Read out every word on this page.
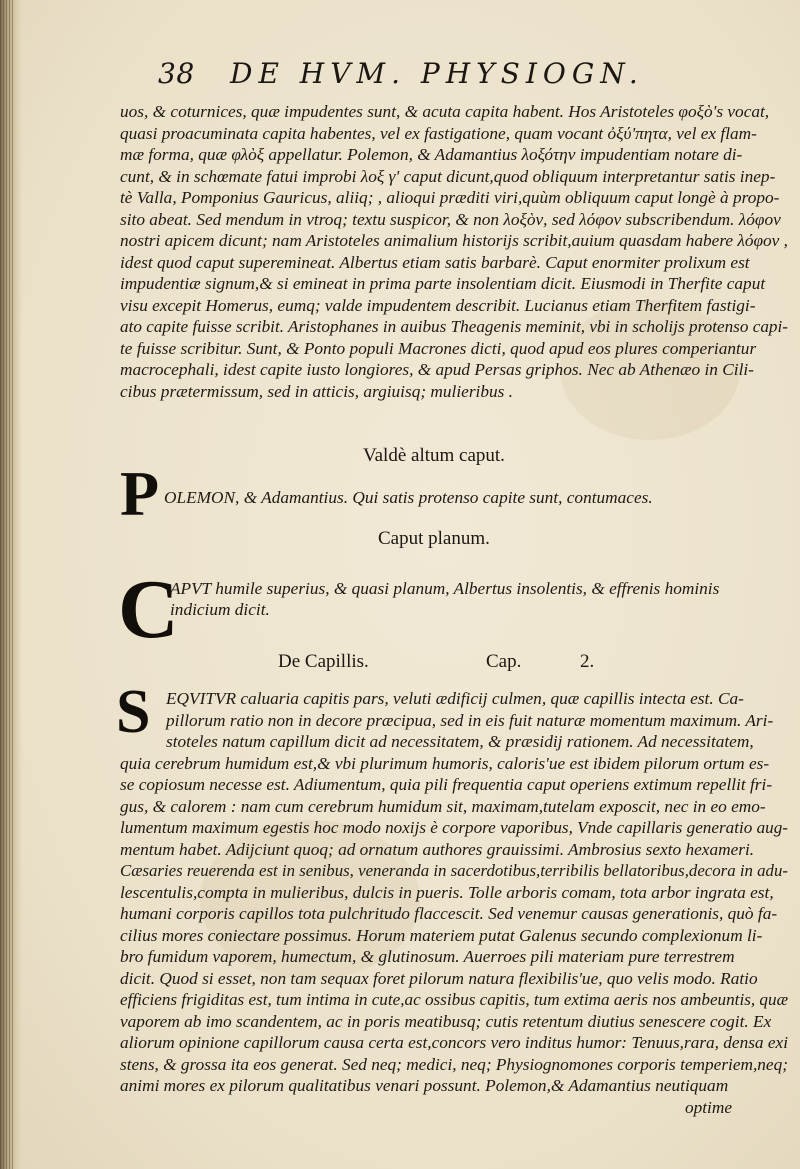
38 DE HVM. PHYSIOGN.
uos, & coturnices, quæ impudentes sunt, & acuta capita habent. Hos Aristoteles φοξὸ's vocat,
quasi proacuminata capita habentes, vel ex fastigatione, quam vocant ὀξύ'πητα, vel ex flam-
mæ forma, quæ φλὸξ appellatur. Polemon, & Adamantius λοξότην impudentiam notare di-
cunt, & in schœmate fatui improbi λοξ γ' caput dicunt,quod obliquum interpretantur satis inep-
tè Valla, Pomponius Gauricus, aliiq; , alioqui præditi viri,quùm obliquum caput longè à propo-
sito abeat. Sed mendum in vtroq; textu suspicor, & non λοξὸν, sed λόφον subscribendum. λόφον
nostri apicem dicunt; nam Aristoteles animalium historijs scribit,auium quasdam habere λόφον ,
idest quod caput superemineat. Albertus etiam satis barbarè. Caput enormiter prolixum est
impudentiæ signum,& si emineat in prima parte insolentiam dicit. Eiusmodi in Therfite caput
visu excepit Homerus, eumq; valde impudentem describit. Lucianus etiam Therfitem fastigi-
ato capite fuisse scribit. Aristophanes in auibus Theagenis meminit, vbi in scholijs protenso capi-
te fuisse scribitur. Sunt, & Ponto populi Macrones dicti, quod apud eos plures comperiantur
macrocephali, idest capite iusto longiores, & apud Persas griphos. Nec ab Athenæo in Cili-
cibus prætermissum, sed in atticis, argiuisq; mulieribus .
Valdè altum caput.
P OLEMON, & Adamantius. Qui satis protenso capite sunt, contumaces.
Caput planum.
C
APVT humile superius, & quasi planum, Albertus insolentis, & effrenis hominis
indicium dicit.
De Capillis.	Cap.	2.
S EQVITVR caluaria capitis pars, veluti ædificij culmen, quæ capillis intecta est. Ca-
pillorum ratio non in decore præcipua, sed in eis fuit naturæ momentum maximum. Ari-
stoteles natum capillum dicit ad necessitatem, & præsidij rationem. Ad necessitatem,
quia cerebrum humidum est,& vbi plurimum humoris, caloris'ue est ibidem pilorum ortum es-
se copiosum necesse est. Adiumentum, quia pili frequentia caput operiens extimum repellit fri-
gus, & calorem : nam cum cerebrum humidum sit, maximam,tutelam exposcit, nec in eo emo-
lumentum maximum egestis hoc modo noxijs è corpore vaporibus, Vnde capillaris generatio aug-
mentum habet. Adijciunt quoq; ad ornatum authores grauissimi. Ambrosius sexto hexameri.
Cæsaries reuerenda est in senibus, veneranda in sacerdotibus,terribilis bellatoribus,decora in adu-
lescentulis,compta in mulieribus, dulcis in pueris. Tolle arboris comam, tota arbor ingrata est,
humani corporis capillos tota pulchritudo flaccescit. Sed venemur causas generationis, quò fa-
cilius mores coniectare possimus. Horum materiem putat Galenus secundo complexionum li-
bro fumidum vaporem, humectum, & glutinosum. Auerroes pili materiam pure terrestrem
dicit. Quod si esset, non tam sequax foret pilorum natura flexibilis'ue, quo velis modo. Ratio
efficiens frigiditas est, tum intima in cute,ac ossibus capitis, tum extima aeris nos ambeuntis, quæ
vaporem ab imo scandentem, ac in poris meatibusq; cutis retentum diutius senescere cogit. Ex
aliorum opinione capillorum causa certa est,concors vero inditus humor: Tenuus,rara, densa exi
stens, & grossa ita eos generat. Sed neq; medici, neq; Physiognomones corporis temperiem,neq;
animi mores ex pilorum qualitatibus venari possunt. Polemon,& Adamantius neutiquam
optime
